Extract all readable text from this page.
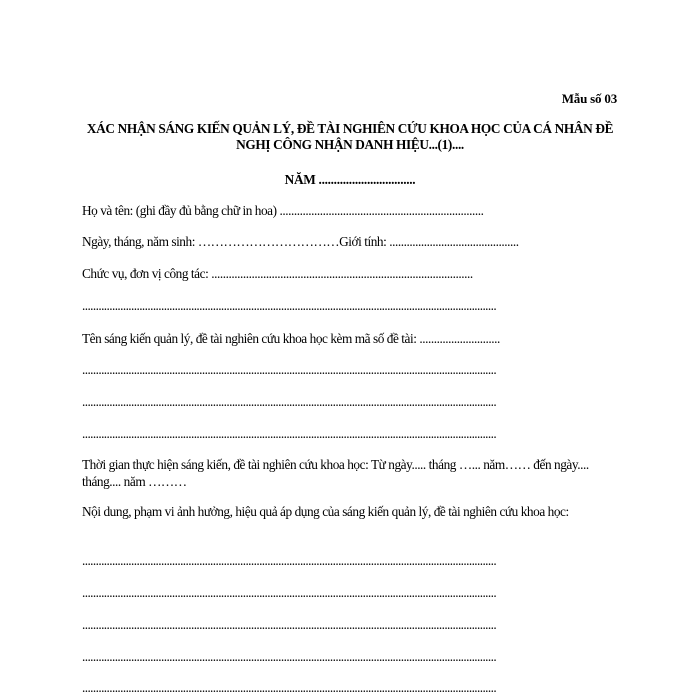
Mẫu số 03
XÁC NHẬN SÁNG KIẾN QUẢN LÝ, ĐỀ TÀI NGHIÊN CỨU KHOA HỌC CỦA CÁ NHÂN ĐỀ NGHỊ CÔNG NHẬN DANH HIỆU...(1)....
NĂM ................................
Họ và tên: (ghi đầy đủ bằng chữ in hoa) .......................................................................
Ngày, tháng, năm sinh: ……………………………Giới tính: .............................................
Chức vụ, đơn vị công tác: ...........................................................................................
........................................................................................................................................................
Tên sáng kiến quản lý, đề tài nghiên cứu khoa học kèm mã số đề tài: ............................
........................................................................................................................................................
........................................................................................................................................................
........................................................................................................................................................
Thời gian thực hiện sáng kiến, đề tài nghiên cứu khoa học: Từ ngày..... tháng …... năm…… đến ngày.... tháng.... năm ………
Nội dung, phạm vi ảnh hưởng, hiệu quả áp dụng của sáng kiến quản lý, đề tài nghiên cứu khoa học:
........................................................................................................................................................
........................................................................................................................................................
........................................................................................................................................................
........................................................................................................................................................
........................................................................................................................................................
